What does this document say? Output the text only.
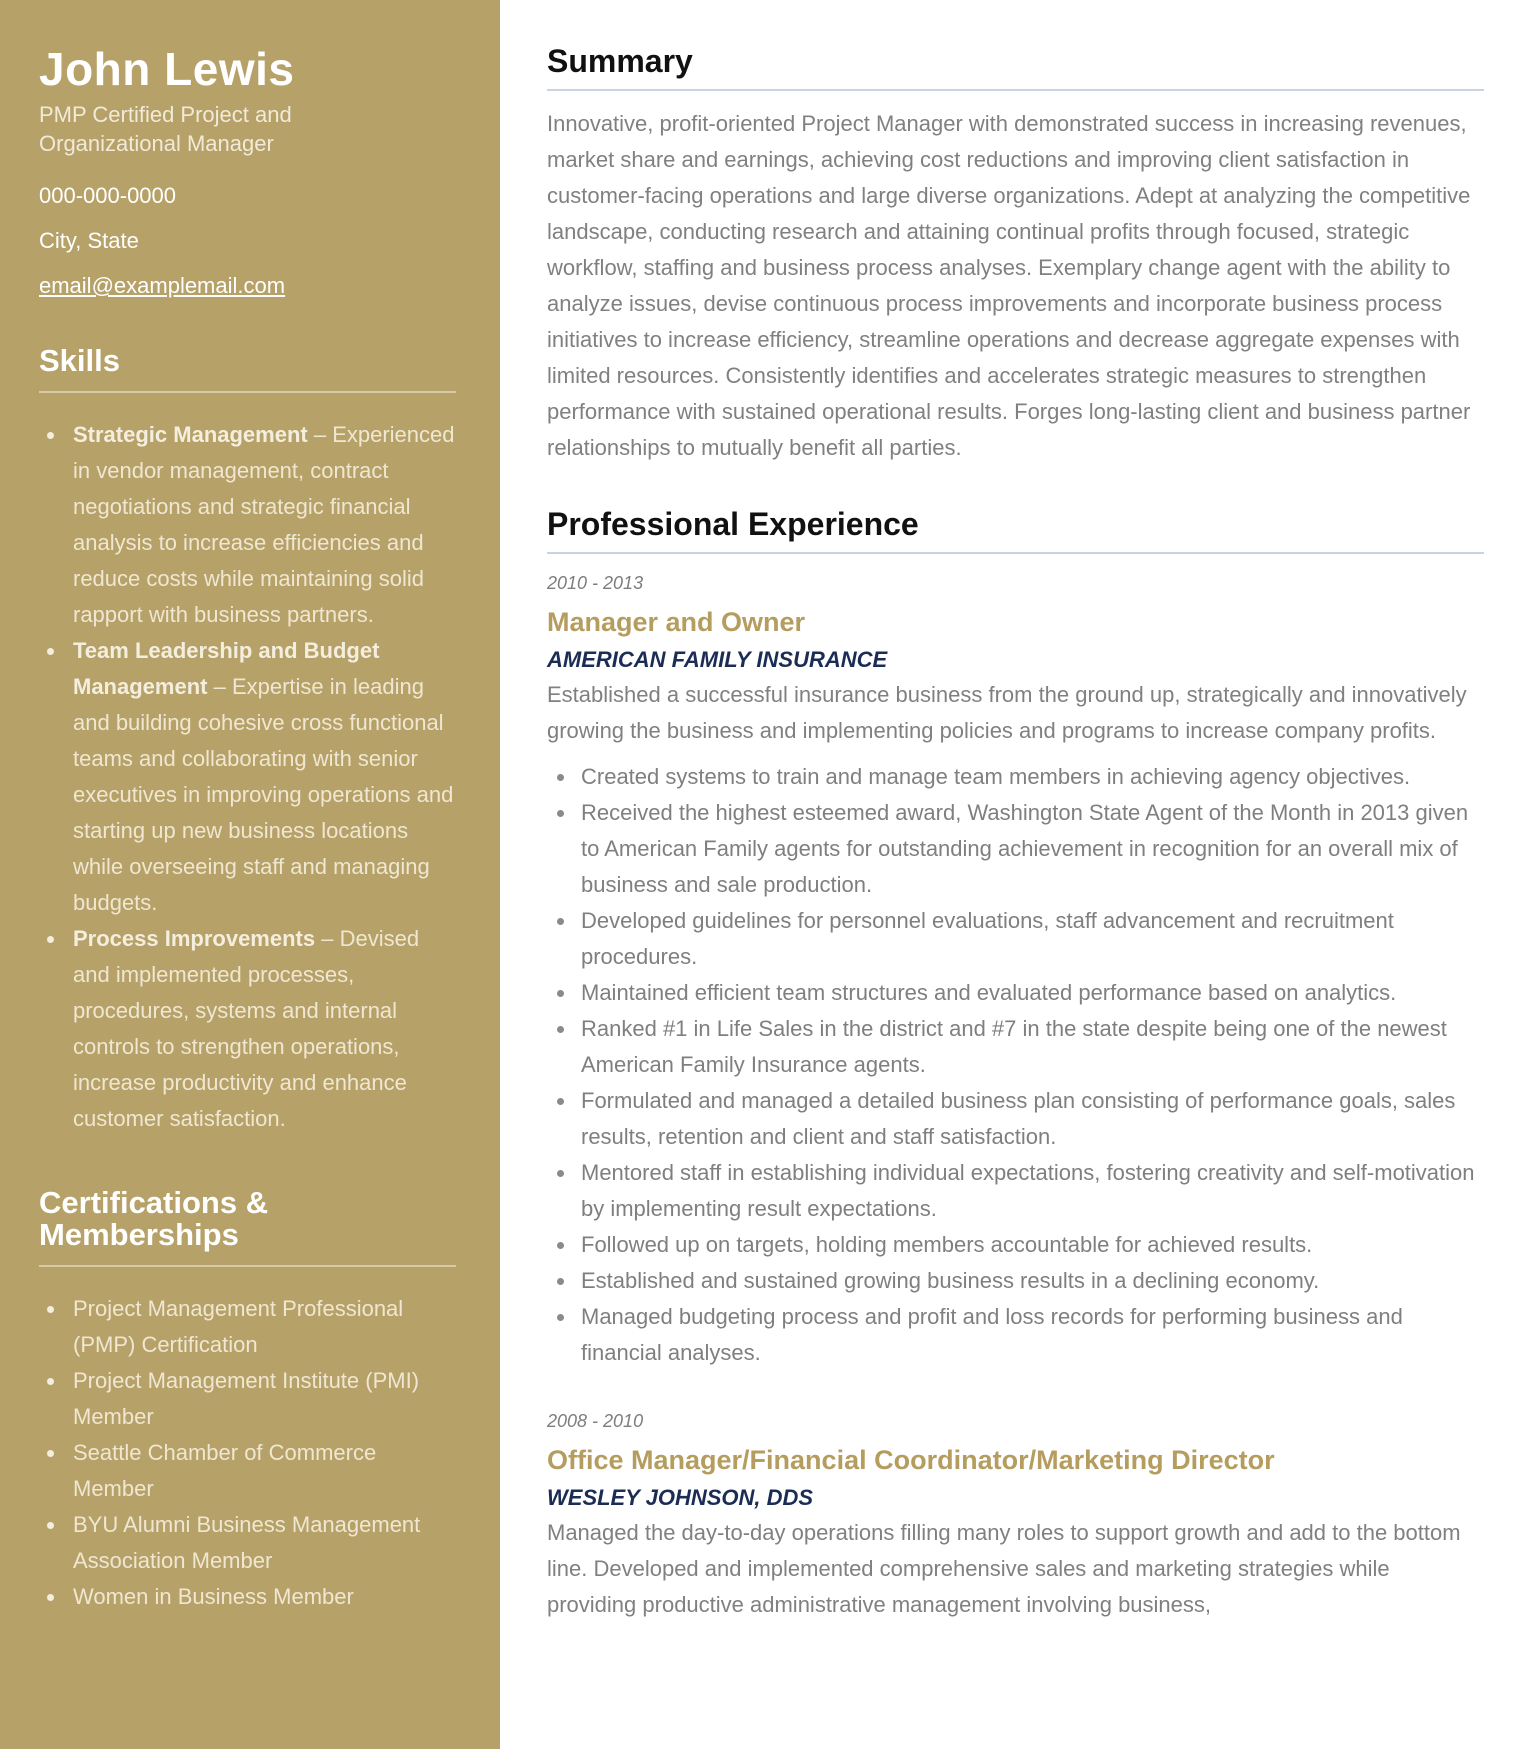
John Lewis

PMP Certified Project and Organizational Manager

000-000-0000

City, State

email@examplemail.com

Skills
Strategic Management – Experienced in vendor management, contract negotiations and strategic financial analysis to increase efficiencies and reduce costs while maintaining solid rapport with business partners.
Team Leadership and Budget Management – Expertise in leading and building cohesive cross functional teams and collaborating with senior executives in improving operations and starting up new business locations while overseeing staff and managing budgets.
Process Improvements – Devised and implemented processes, procedures, systems and internal controls to strengthen operations, increase productivity and enhance customer satisfaction.
Certifications &
Memberships
Project Management Professional (PMP) Certification
Project Management Institute (PMI) Member
Seattle Chamber of Commerce Member
BYU Alumni Business Management Association Member
Women in Business Member
Summary

Innovative, profit-oriented Project Manager with demonstrated success in increasing revenues, market share and earnings, achieving cost reductions and improving client satisfaction in customer-facing operations and large diverse organizations. Adept at analyzing the competitive landscape, conducting research and attaining continual profits through focused, strategic workflow, staffing and business process analyses. Exemplary change agent with the ability to analyze issues, devise continuous process improvements and incorporate business process initiatives to increase efficiency, streamline operations and decrease aggregate expenses with limited resources. Consistently identifies and accelerates strategic measures to strengthen performance with sustained operational results. Forges long-lasting client and business partner relationships to mutually benefit all parties.

Professional Experience

2010 - 2013

Manager and Owner

AMERICAN FAMILY INSURANCE

Established a successful insurance business from the ground up, strategically and innovatively growing the business and implementing policies and programs to increase company profits.

Created systems to train and manage team members in achieving agency objectives.
Received the highest esteemed award, Washington State Agent of the Month in 2013 given to American Family agents for outstanding achievement in recognition for an overall mix of business and sale production.
Developed guidelines for personnel evaluations, staff advancement and recruitment procedures.
Maintained efficient team structures and evaluated performance based on analytics.
Ranked #1 in Life Sales in the district and #7 in the state despite being one of the newest American Family Insurance agents.
Formulated and managed a detailed business plan consisting of performance goals, sales results, retention and client and staff satisfaction.
Mentored staff in establishing individual expectations, fostering creativity and self-motivation by implementing result expectations.
Followed up on targets, holding members accountable for achieved results.
Established and sustained growing business results in a declining economy.
Managed budgeting process and profit and loss records for performing business and financial analyses.

2008 - 2010

Office Manager/Financial Coordinator/Marketing Director

WESLEY JOHNSON, DDS

Managed the day-to-day operations filling many roles to support growth and add to the bottom line. Developed and implemented comprehensive sales and marketing strategies while providing productive administrative management involving business,
